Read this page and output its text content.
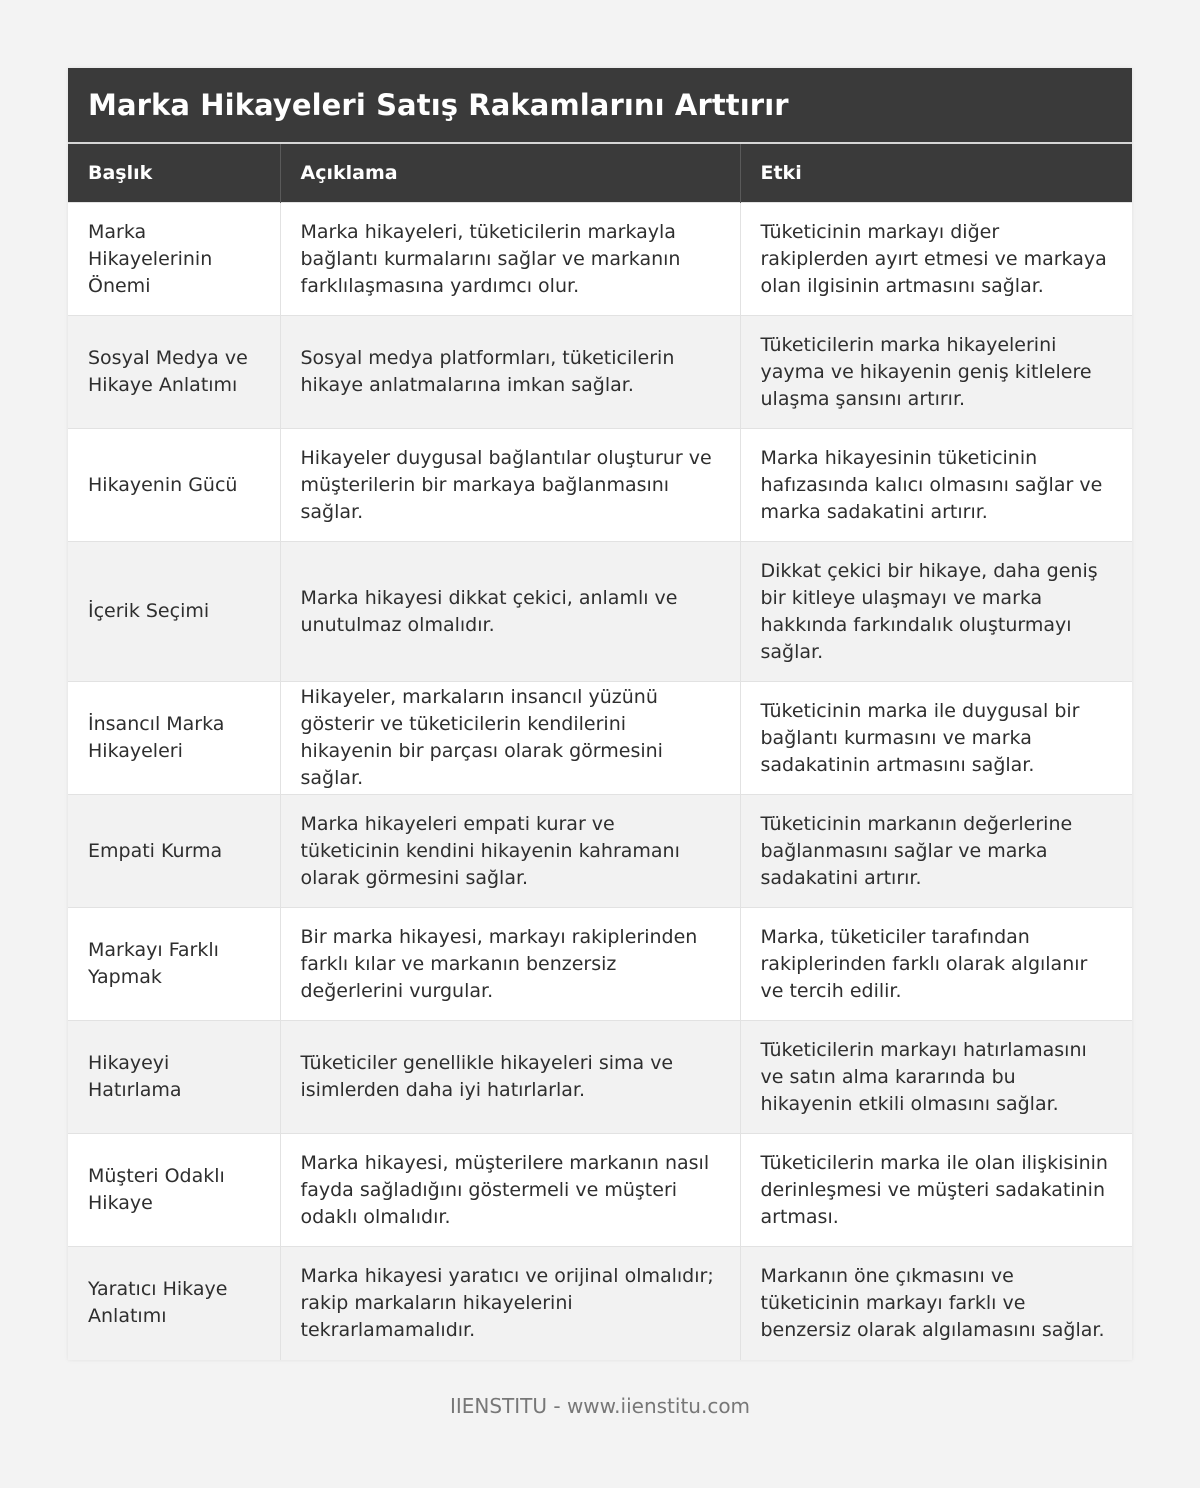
Marka Hikayeleri Satış Rakamlarını Arttırır
Başlık	Açıklama	Etki
Marka Hikayelerinin Önemi	Marka hikayeleri, tüketicilerin markayla bağlantı kurmalarını sağlar ve markanın farklılaşmasına yardımcı olur.	Tüketicinin markayı diğer rakiplerden ayırt etmesi ve markaya olan ilgisinin artmasını sağlar.
Sosyal Medya ve Hikaye Anlatımı	Sosyal medya platformları, tüketicilerin hikaye anlatmalarına imkan sağlar.	Tüketicilerin marka hikayelerini yayma ve hikayenin geniş kitlelere ulaşma şansını artırır.
Hikayenin Gücü	Hikayeler duygusal bağlantılar oluşturur ve müşterilerin bir markaya bağlanmasını sağlar.	Marka hikayesinin tüketicinin hafızasında kalıcı olmasını sağlar ve marka sadakatini artırır.
İçerik Seçimi	Marka hikayesi dikkat çekici, anlamlı ve unutulmaz olmalıdır.	Dikkat çekici bir hikaye, daha geniş bir kitleye ulaşmayı ve marka hakkında farkındalık oluşturmayı sağlar.
İnsancıl Marka Hikayeleri	Hikayeler, markaların insancıl yüzünü gösterir ve tüketicilerin kendilerini hikayenin bir parçası olarak görmesini sağlar.	Tüketicinin marka ile duygusal bir bağlantı kurmasını ve marka sadakatinin artmasını sağlar.
Empati Kurma	Marka hikayeleri empati kurar ve tüketicinin kendini hikayenin kahramanı olarak görmesini sağlar.	Tüketicinin markanın değerlerine bağlanmasını sağlar ve marka sadakatini artırır.
Markayı Farklı Yapmak	Bir marka hikayesi, markayı rakiplerinden farklı kılar ve markanın benzersiz değerlerini vurgular.	Marka, tüketiciler tarafından rakiplerinden farklı olarak algılanır ve tercih edilir.
Hikayeyi Hatırlama	Tüketiciler genellikle hikayeleri sima ve isimlerden daha iyi hatırlarlar.	Tüketicilerin markayı hatırlamasını ve satın alma kararında bu hikayenin etkili olmasını sağlar.
Müşteri Odaklı Hikaye	Marka hikayesi, müşterilere markanın nasıl fayda sağladığını göstermeli ve müşteri odaklı olmalıdır.	Tüketicilerin marka ile olan ilişkisinin derinleşmesi ve müşteri sadakatinin artması.
Yaratıcı Hikaye Anlatımı	Marka hikayesi yaratıcı ve orijinal olmalıdır; rakip markaların hikayelerini tekrarlamamalıdır.	Markanın öne çıkmasını ve tüketicinin markayı farklı ve benzersiz olarak algılamasını sağlar.
IIENSTITU - www.iienstitu.com
